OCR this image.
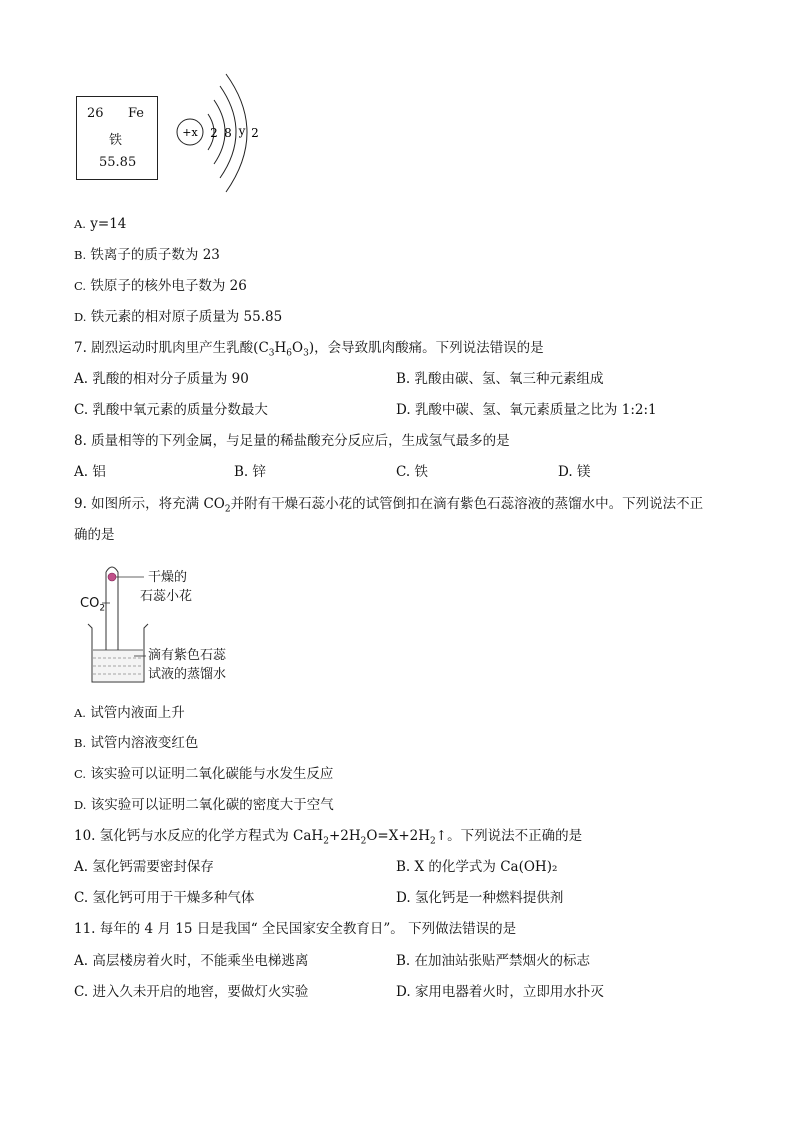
26 Fe
铁
55.85
+x 2 8 y 2
A. y=14
B. 铁离子的质子数为 23
C. 铁原子的核外电子数为 26
D. 铁元素的相对原子质量为 55.85
7. 剧烈运动时肌肉里产生乳酸$(C_3H_6O_3)$，会导致肌肉酸痛。下列说法错误的是
A. 乳酸的相对分子质量为 90	B. 乳酸由碳、氢、氧三种元素组成
C. 乳酸中氧元素的质量分数最大	D. 乳酸中碳、氢、氧元素质量之比为 1:2:1
8. 质量相等的下列金属，与足量的稀盐酸充分反应后，生成氢气最多的是
A. 铝	B. 锌	C. 铁	D. 镁
9. 如图所示，将充满 $CO_2$并附有干燥石蕊小花的试管倒扣在滴有紫色石蕊溶液的蒸馏水中。下列说法不正
确的是
干燥的
石蕊小花
$CO_2$
滴有紫色石蕊
试液的蒸馏水
A. 试管内液面上升
B. 试管内溶液变红色
C. 该实验可以证明二氧化碳能与水发生反应
D. 该实验可以证明二氧化碳的密度大于空气
10. 氢化钙与水反应的化学方程式为 $CaH_2+2H_2O=X+2H_2↑$。下列说法不正确的是
A. 氢化钙需要密封保存	B. X 的化学式为 Ca(OH)₂
C. 氢化钙可用于干燥多种气体	D. 氢化钙是一种燃料提供剂
11. 每年的 4 月 15 日是我国“ 全民国家安全教育日”。 下列做法错误的是
A. 高层楼房着火时，不能乘坐电梯逃离	B. 在加油站张贴严禁烟火的标志
C. 进入久未开启的地窖，要做灯火实验	D. 家用电器着火时，立即用水扑灭
